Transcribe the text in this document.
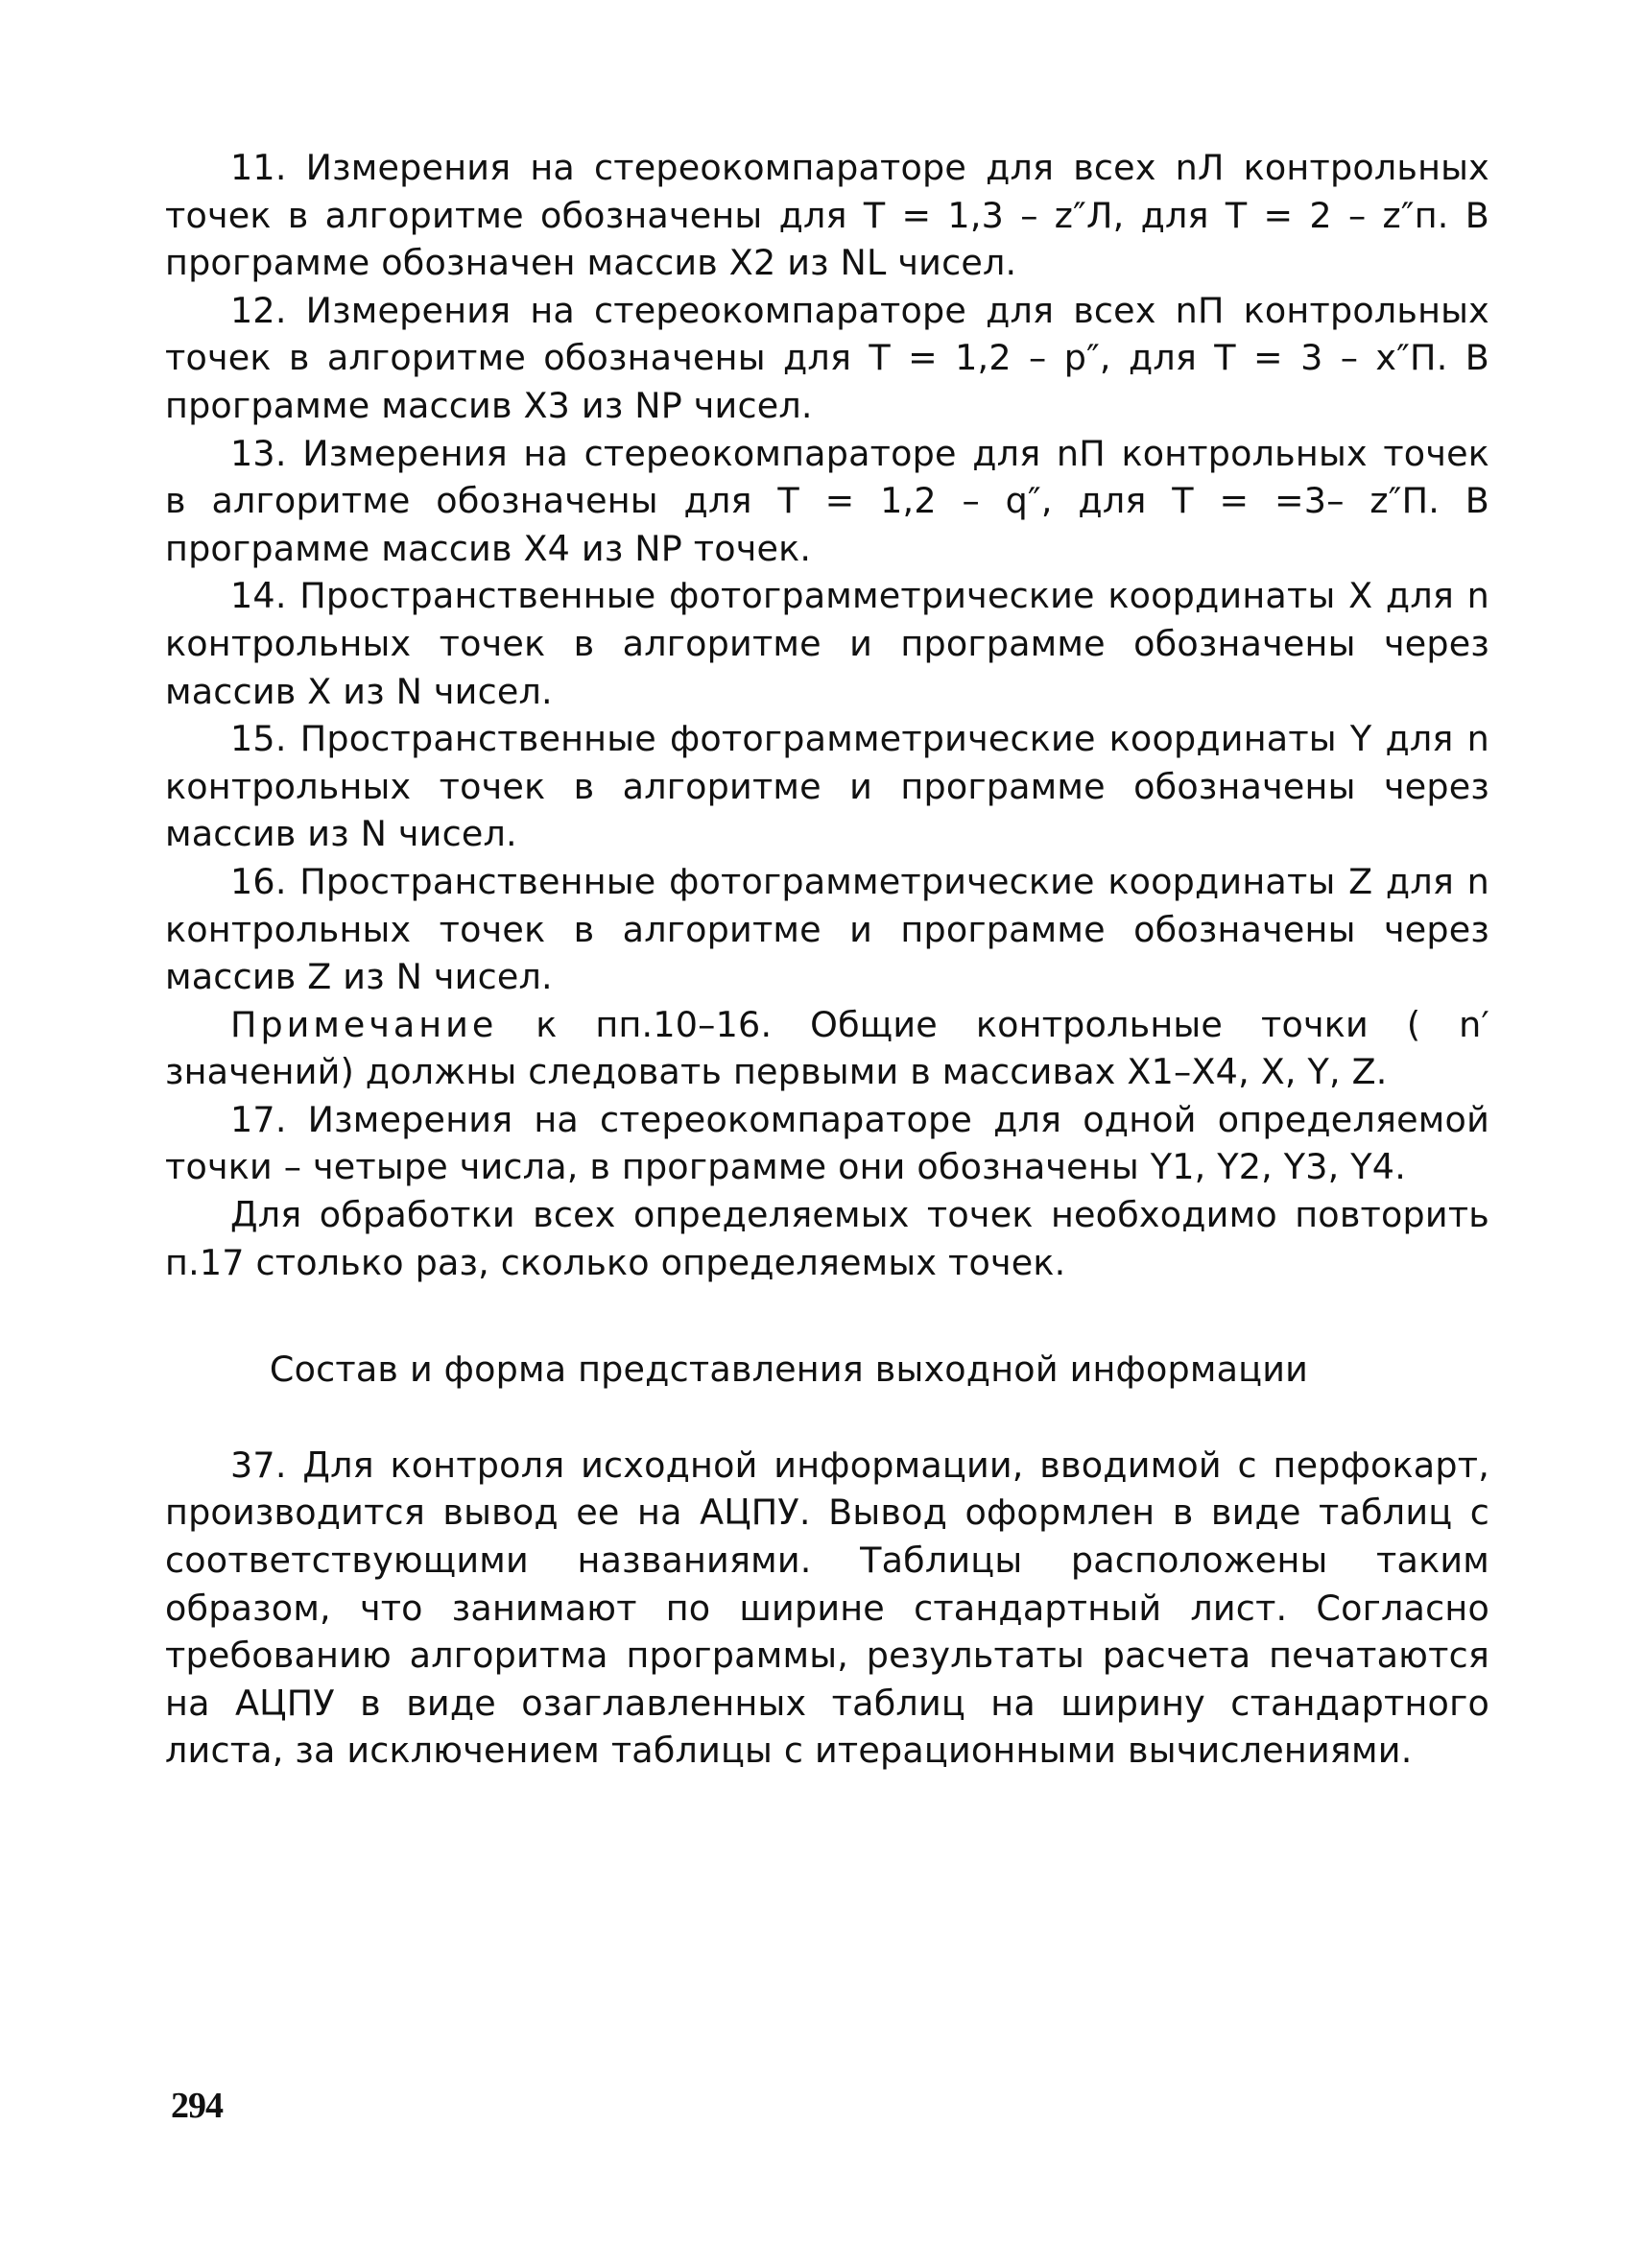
11. Измерения на стереокомпараторе для всех nЛ контрольных точек в алгоритме обозначены для T = 1,3 – z″Л, для T = 2 – z″п. В программе обозначен массив X2 из NL чисел.

12. Измерения на стереокомпараторе для всех nП контрольных точек в алгоритме обозначены для T = 1,2 – p″, для T = 3 – x″П. В программе массив X3 из NP чисел.

13. Измерения на стереокомпараторе для nП контрольных точек в алгоритме обозначены для T = 1,2 – q″, для T = =3– z″П. В программе массив X4 из NP точек.

14. Пространственные фотограмметрические координаты X для n контрольных точек в алгоритме и программе обозначены через массив X из N чисел.

15. Пространственные фотограмметрические координаты Y для n контрольных точек в алгоритме и программе обозначены через массив из N чисел.

16. Пространственные фотограмметрические координаты Z для n контрольных точек в алгоритме и программе обозначены через массив Z из N чисел.

Примечание к пп.10–16. Общие контрольные точки ( n′ значений) должны следовать первыми в массивах X1–X4, X, Y, Z.

17. Измерения на стереокомпараторе для одной определяемой точки – четыре числа, в программе они обозначены Y1, Y2, Y3, Y4.

Для обработки всех определяемых точек необходимо повторить п.17 столько раз, сколько определяемых точек.

Состав и форма представления выходной информации

37. Для контроля исходной информации, вводимой с перфокарт, производится вывод ее на АЦПУ. Вывод оформлен в виде таблиц с соответствующими названиями. Таблицы расположены таким образом, что занимают по ширине стандартный лист. Согласно требованию алгоритма программы, результаты расчета печатаются на АЦПУ в виде озаглавленных таблиц на ширину стандартного листа, за исключением таблицы с итерационными вычислениями.

294
